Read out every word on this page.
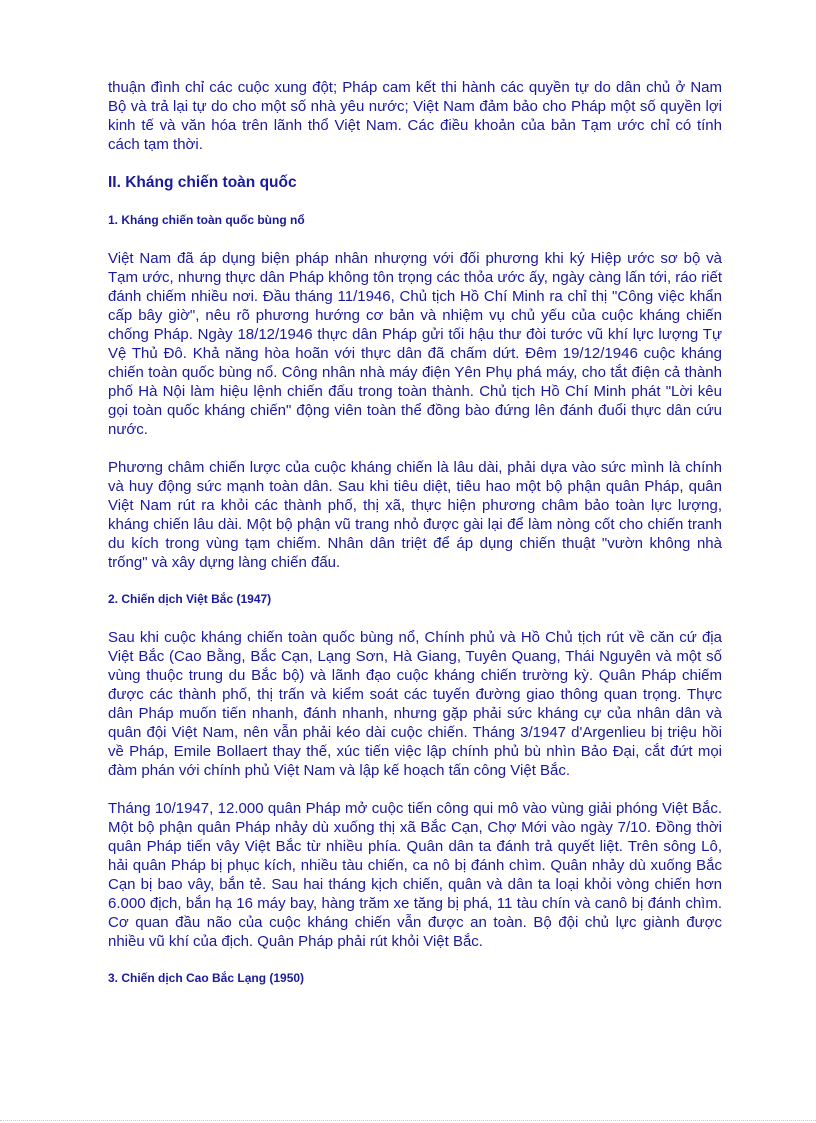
thuận đình chỉ các cuộc xung đột; Pháp cam kết thi hành các quyền tự do dân chủ ở Nam Bộ và trả lại tự do cho một số nhà yêu nước; Việt Nam đảm bảo cho Pháp một số quyền lợi kinh tế và văn hóa trên lãnh thổ Việt Nam. Các điều khoản của bản Tạm ước chỉ có tính cách tạm thời.

II. Kháng chiến toàn quốc
1. Kháng chiến toàn quốc bùng nổ

Việt Nam đã áp dụng biện pháp nhân nhượng với đối phương khi ký Hiệp ước sơ bộ và Tạm ước, nhưng thực dân Pháp không tôn trọng các thỏa ước ấy, ngày càng lấn tới, ráo riết đánh chiếm nhiều nơi. Đầu tháng 11/1946, Chủ tịch Hồ Chí Minh ra chỉ thị "Công việc khẩn cấp bây giờ", nêu rõ phương hướng cơ bản và nhiệm vụ chủ yếu của cuộc kháng chiến chống Pháp. Ngày 18/12/1946 thực dân Pháp gửi tối hậu thư đòi tước vũ khí lực lượng Tự Vệ Thủ Đô. Khả năng hòa hoãn với thực dân đã chấm dứt. Đêm 19/12/1946 cuộc kháng chiến toàn quốc bùng nổ. Công nhân nhà máy điện Yên Phụ phá máy, cho tắt điện cả thành phố Hà Nội làm hiệu lệnh chiến đấu trong toàn thành. Chủ tịch Hồ Chí Minh phát "Lời kêu gọi toàn quốc kháng chiến" động viên toàn thể đồng bào đứng lên đánh đuổi thực dân cứu nước.

Phương châm chiến lược của cuộc kháng chiến là lâu dài, phải dựa vào sức mình là chính và huy động sức mạnh toàn dân. Sau khi tiêu diệt, tiêu hao một bộ phận quân Pháp, quân Việt Nam rút ra khỏi các thành phố, thị xã, thực hiện phương châm bảo toàn lực lượng, kháng chiến lâu dài. Một bộ phận vũ trang nhỏ được gài lại để làm nòng cốt cho chiến tranh du kích trong vùng tạm chiếm. Nhân dân triệt để áp dụng chiến thuật "vườn không nhà trống" và xây dựng làng chiến đấu.

2. Chiến dịch Việt Bắc (1947)

Sau khi cuộc kháng chiến toàn quốc bùng nổ, Chính phủ và Hồ Chủ tịch rút về căn cứ địa Việt Bắc (Cao Bằng, Bắc Cạn, Lạng Sơn, Hà Giang, Tuyên Quang, Thái Nguyên và một số vùng thuộc trung du Bắc bộ) và lãnh đạo cuộc kháng chiến trường kỳ. Quân Pháp chiếm được các thành phố, thị trấn và kiểm soát các tuyến đường giao thông quan trọng. Thực dân Pháp muốn tiến nhanh, đánh nhanh, nhưng gặp phải sức kháng cự của nhân dân và quân đội Việt Nam, nên vẫn phải kéo dài cuộc chiến. Tháng 3/1947 d'Argenlieu bị triệu hồi về Pháp, Emile Bollaert thay thế, xúc tiến việc lập chính phủ bù nhìn Bảo Đại, cắt đứt mọi đàm phán với chính phủ Việt Nam và lập kế hoạch tấn công Việt Bắc.

Tháng 10/1947, 12.000 quân Pháp mở cuộc tiến công qui mô vào vùng giải phóng Việt Bắc. Một bộ phận quân Pháp nhảy dù xuống thị xã Bắc Cạn, Chợ Mới vào ngày 7/10. Đồng thời quân Pháp tiến vây Việt Bắc từ nhiều phía. Quân dân ta đánh trả quyết liệt. Trên sông Lô, hải quân Pháp bị phục kích, nhiều tàu chiến, ca nô bị đánh chìm. Quân nhảy dù xuống Bắc Cạn bị bao vây, bắn tẻ. Sau hai tháng kịch chiến, quân và dân ta loại khỏi vòng chiến hơn 6.000 địch, bắn hạ 16 máy bay, hàng trăm xe tăng bị phá, 11 tàu chín và canô bị đánh chìm. Cơ quan đầu não của cuộc kháng chiến vẫn được an toàn. Bộ đội chủ lực giành được nhiều vũ khí của địch. Quân Pháp phải rút khỏi Việt Bắc.

3. Chiến dịch Cao Bắc Lạng (1950)
